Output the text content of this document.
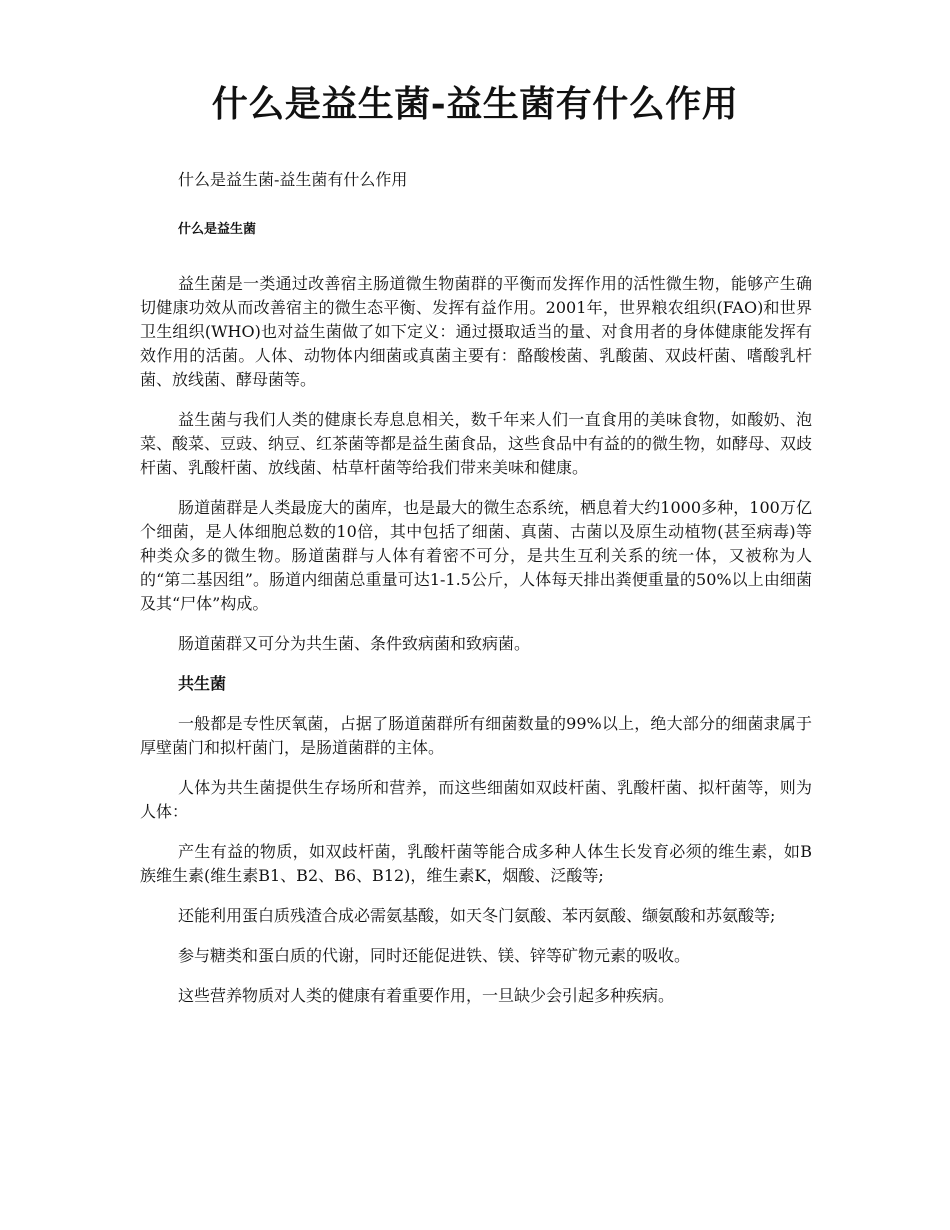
什么是益生菌-益生菌有什么作用

什么是益生菌-益生菌有什么作用

什么是益生菌

益生菌是一类通过改善宿主肠道微生物菌群的平衡而发挥作用的活性微生物，能够产生确切健康功效从而改善宿主的微生态平衡、发挥有益作用。2001年，世界粮农组织(FAO)和世界卫生组织(WHO)也对益生菌做了如下定义：通过摄取适当的量、对食用者的身体健康能发挥有效作用的活菌。人体、动物体内细菌或真菌主要有：酪酸梭菌、乳酸菌、双歧杆菌、嗜酸乳杆菌、放线菌、酵母菌等。

益生菌与我们人类的健康长寿息息相关，数千年来人们一直食用的美味食物，如酸奶、泡菜、酸菜、豆豉、纳豆、红茶菌等都是益生菌食品，这些食品中有益的的微生物，如酵母、双歧杆菌、乳酸杆菌、放线菌、枯草杆菌等给我们带来美味和健康。

肠道菌群是人类最庞大的菌库，也是最大的微生态系统，栖息着大约1000多种，100万亿个细菌，是人体细胞总数的10倍，其中包括了细菌、真菌、古菌以及原生动植物(甚至病毒)等种类众多的微生物。肠道菌群与人体有着密不可分，是共生互利关系的统一体，又被称为人的“第二基因组”。肠道内细菌总重量可达1-1.5公斤，人体每天排出粪便重量的50%以上由细菌及其“尸体”构成。

肠道菌群又可分为共生菌、条件致病菌和致病菌。

共生菌

一般都是专性厌氧菌，占据了肠道菌群所有细菌数量的99%以上，绝大部分的细菌隶属于厚壁菌门和拟杆菌门，是肠道菌群的主体。

人体为共生菌提供生存场所和营养，而这些细菌如双歧杆菌、乳酸杆菌、拟杆菌等，则为人体：

产生有益的物质，如双歧杆菌，乳酸杆菌等能合成多种人体生长发育必须的维生素，如B族维生素(维生素B1、B2、B6、B12)，维生素K，烟酸、泛酸等;

还能利用蛋白质残渣合成必需氨基酸，如天冬门氨酸、苯丙氨酸、缬氨酸和苏氨酸等;

参与糖类和蛋白质的代谢，同时还能促进铁、镁、锌等矿物元素的吸收。

这些营养物质对人类的健康有着重要作用，一旦缺少会引起多种疾病。
